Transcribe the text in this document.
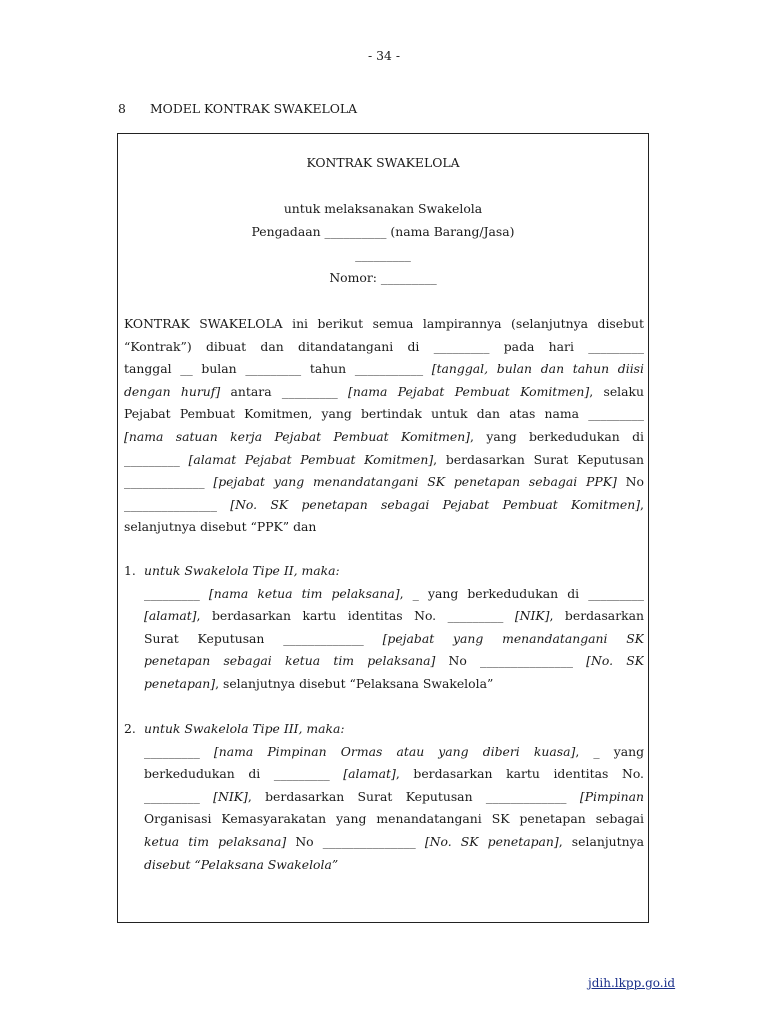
- 34 -
8 MODEL KONTRAK SWAKELOLA
KONTRAK SWAKELOLA
untuk melaksanakan Swakelola
Pengadaan __________ (nama Barang/Jasa)
_________
Nomor: _________
KONTRAK SWAKELOLA ini berikut semua lampirannya (selanjutnya disebut
“Kontrak”) dibuat dan ditandatangani di _________ pada hari _________
tanggal __ bulan _________ tahun ___________ [tanggal, bulan dan tahun diisi
dengan huruf] antara _________ [nama Pejabat Pembuat Komitmen], selaku
Pejabat Pembuat Komitmen, yang bertindak untuk dan atas nama _________
[nama satuan kerja Pejabat Pembuat Komitmen], yang berkedudukan di
_________ [alamat Pejabat Pembuat Komitmen], berdasarkan Surat Keputusan
_____________ [pejabat yang menandatangani SK penetapan sebagai PPK] No
_______________ [No. SK penetapan sebagai Pejabat Pembuat Komitmen],
selanjutnya disebut “PPK” dan
1. untuk Swakelola Tipe II, maka:
_________ [nama ketua tim pelaksana], _ yang berkedudukan di _________
[alamat], berdasarkan kartu identitas No. _________ [NIK], berdasarkan
Surat Keputusan _____________ [pejabat yang menandatangani SK
penetapan sebagai ketua tim pelaksana] No _______________ [No. SK
penetapan], selanjutnya disebut “Pelaksana Swakelola”
2. untuk Swakelola Tipe III, maka:
_________ [nama Pimpinan Ormas atau yang diberi kuasa], _ yang
berkedudukan di _________ [alamat], berdasarkan kartu identitas No.
_________ [NIK], berdasarkan Surat Keputusan _____________ [Pimpinan
Organisasi Kemasyarakatan yang menandatangani SK penetapan sebagai
ketua tim pelaksana] No _______________ [No. SK penetapan], selanjutnya
disebut “Pelaksana Swakelola”
jdih.lkpp.go.id
